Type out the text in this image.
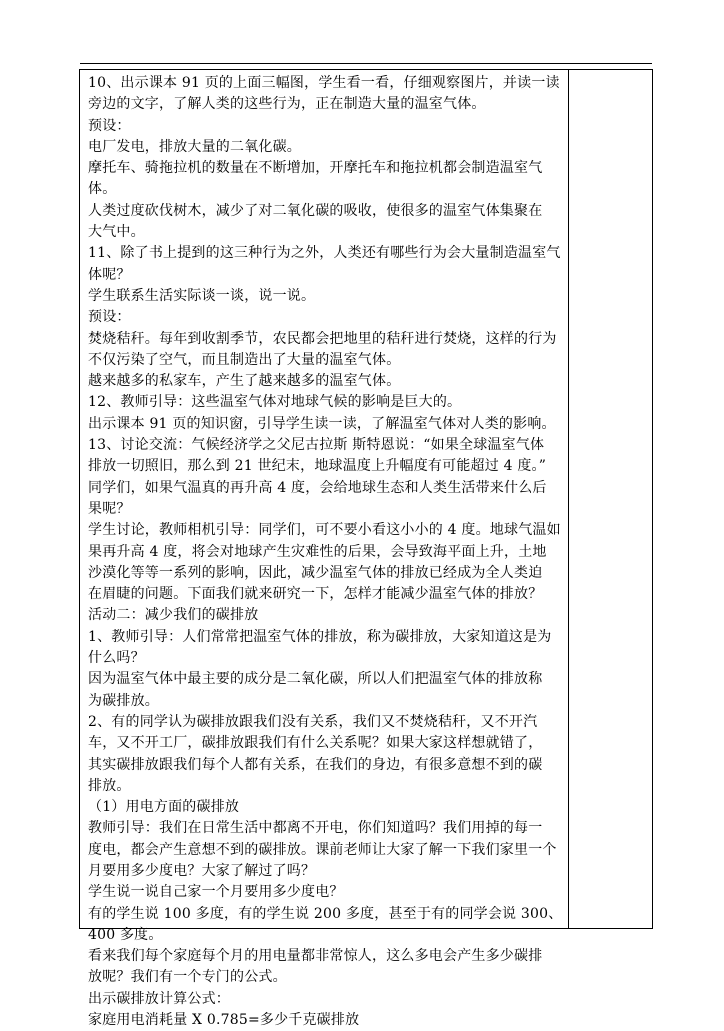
10、出示课本 91 页的上面三幅图，学生看一看，仔细观察图片，并读一读
旁边的文字，了解人类的这些行为，正在制造大量的温室气体。
预设：
电厂发电，排放大量的二氧化碳。
摩托车、骑拖拉机的数量在不断增加，开摩托车和拖拉机都会制造温室气
体。
人类过度砍伐树木，减少了对二氧化碳的吸收，使很多的温室气体集聚在
大气中。
11、除了书上提到的这三种行为之外，人类还有哪些行为会大量制造温室气
体呢？
学生联系生活实际谈一谈，说一说。
预设：
焚烧秸秆。每年到收割季节，农民都会把地里的秸秆进行焚烧，这样的行为
不仅污染了空气，而且制造出了大量的温室气体。
越来越多的私家车，产生了越来越多的温室气体。
12、教师引导：这些温室气体对地球气候的影响是巨大的。
出示课本 91 页的知识窗，引导学生读一读，了解温室气体对人类的影响。
13、讨论交流：气候经济学之父尼古拉斯 斯特恩说：“如果全球温室气体
排放一切照旧，那么到 21 世纪末，地球温度上升幅度有可能超过 4 度。”
同学们，如果气温真的再升高 4 度，会给地球生态和人类生活带来什么后
果呢？
学生讨论，教师相机引导：同学们，可不要小看这小小的 4 度。地球气温如
果再升高 4 度，将会对地球产生灾难性的后果，会导致海平面上升，土地
沙漠化等等一系列的影响，因此，减少温室气体的排放已经成为全人类迫
在眉睫的问题。下面我们就来研究一下，怎样才能减少温室气体的排放？
活动二：减少我们的碳排放
1、教师引导：人们常常把温室气体的排放，称为碳排放，大家知道这是为
什么吗？
因为温室气体中最主要的成分是二氧化碳，所以人们把温室气体的排放称
为碳排放。
2、有的同学认为碳排放跟我们没有关系，我们又不焚烧秸秆，又不开汽
车，又不开工厂，碳排放跟我们有什么关系呢？如果大家这样想就错了，
其实碳排放跟我们每个人都有关系，在我们的身边，有很多意想不到的碳
排放。
（1）用电方面的碳排放
教师引导：我们在日常生活中都离不开电，你们知道吗？我们用掉的每一
度电，都会产生意想不到的碳排放。课前老师让大家了解一下我们家里一个
月要用多少度电？大家了解过了吗？
学生说一说自己家一个月要用多少度电？
有的学生说 100 多度，有的学生说 200 多度，甚至于有的同学会说 300、
400 多度。
看来我们每个家庭每个月的用电量都非常惊人，这么多电会产生多少碳排
放呢？我们有一个专门的公式。
出示碳排放计算公式：
家庭用电消耗量 X 0.785=多少千克碳排放
